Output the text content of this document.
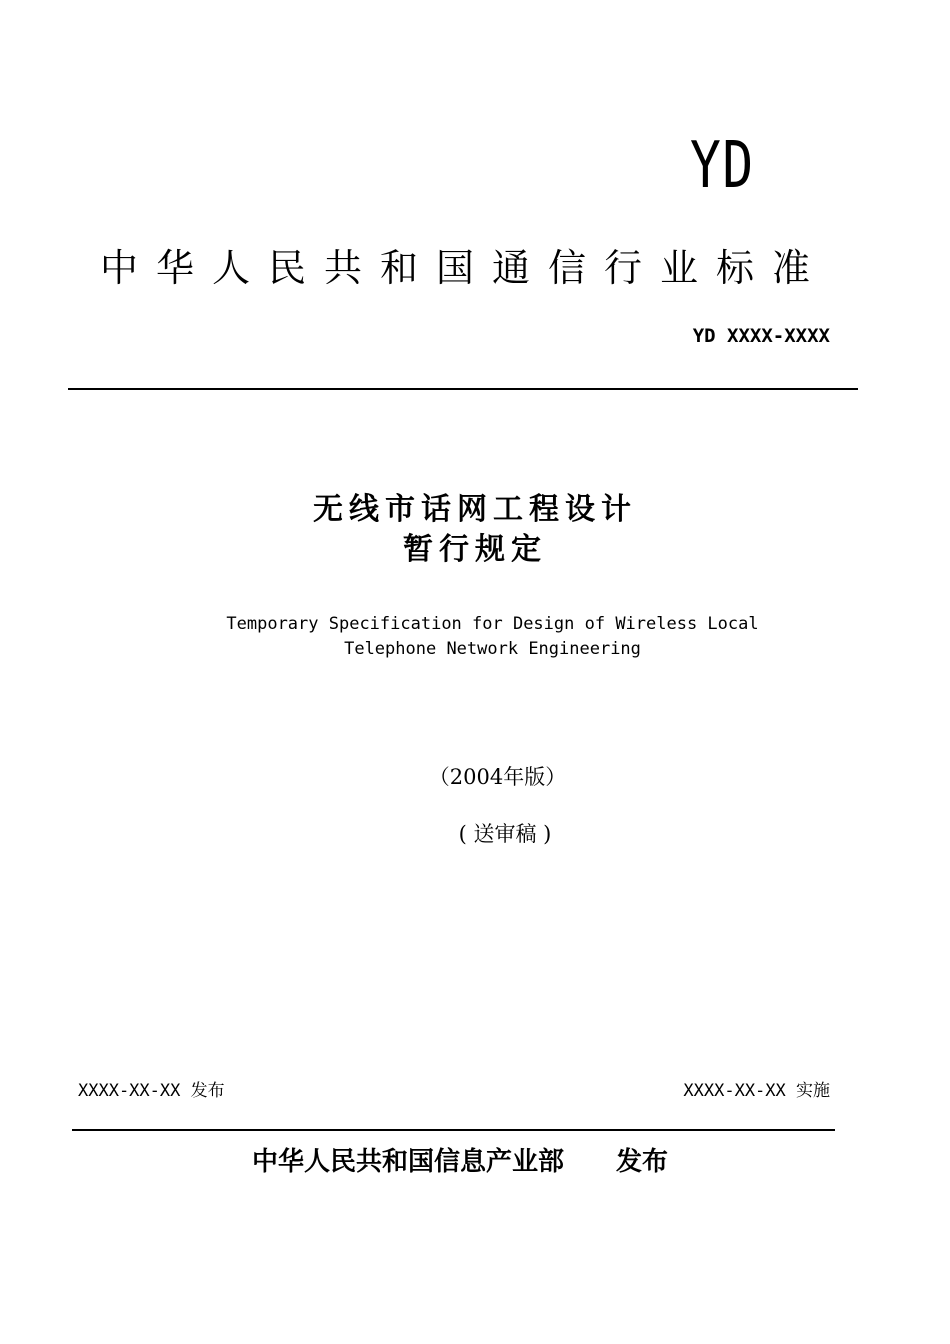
YD
中华人民共和国通信行业标准
YD XXXX-XXXX
无线市话网工程设计
暂行规定
Temporary Specification for Design of Wireless Local
Telephone Network Engineering
（2004年版）
( 送审稿 )
XXXX-XX-XX 发布	XXXX-XX-XX 实施
中华人民共和国信息产业部 发布
